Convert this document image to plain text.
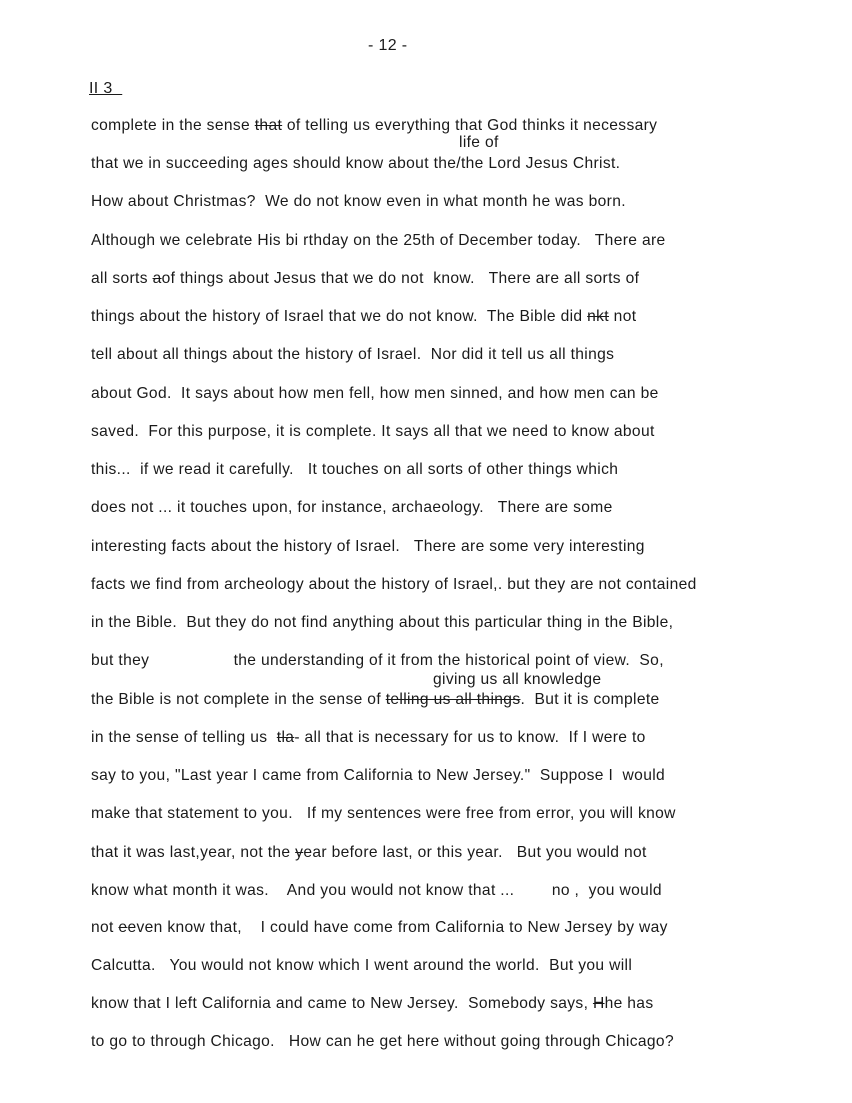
- 12 -
II 3
life of
giving us all knowledge
complete in the sense that of telling us everything that God thinks it necessary
that we in succeeding ages should know about the/the Lord Jesus Christ.
How about Christmas?  We do not know even in what month he was born.
Although we celebrate His bi rthday on the 25th of December today.   There are
all sorts aof things about Jesus that we do not  know.   There are all sorts of
things about the history of Israel that we do not know.  The Bible did nkt not
tell about all things about the history of Israel.  Nor did it tell us all things
about God.  It says about how men fell, how men sinned, and how men can be
saved.  For this purpose, it is complete. It says all that we need to know about
this...  if we read it carefully.   It touches on all sorts of other things which
does not ... it touches upon, for instance, archaeology.   There are some
interesting facts about the history of Israel.   There are some very interesting
facts we find from archeology about the history of Israel,. but they are not contained
in the Bible.  But they do not find anything about this particular thing in the Bible,
but they                  the understanding of it from the historical point of view.  So,
the Bible is not complete in the sense of telling us all things.  But it is complete
in the sense of telling us  tla- all that is necessary for us to know.  If I were to
say to you, "Last year I came from California to New Jersey."  Suppose I  would
make that statement to you.   If my sentences were free from error, you will know
that it was last,year, not the year before last, or this year.   But you would not
know what month it was.    And you would not know that ...        no ,  you would
not eeven know that,    I could have come from California to New Jersey by way
Calcutta.   You would not know which I went around the world.  But you will
know that I left California and came to New Jersey.  Somebody says, Hhe has
to go to through Chicago.   How can he get here without going through Chicago?
